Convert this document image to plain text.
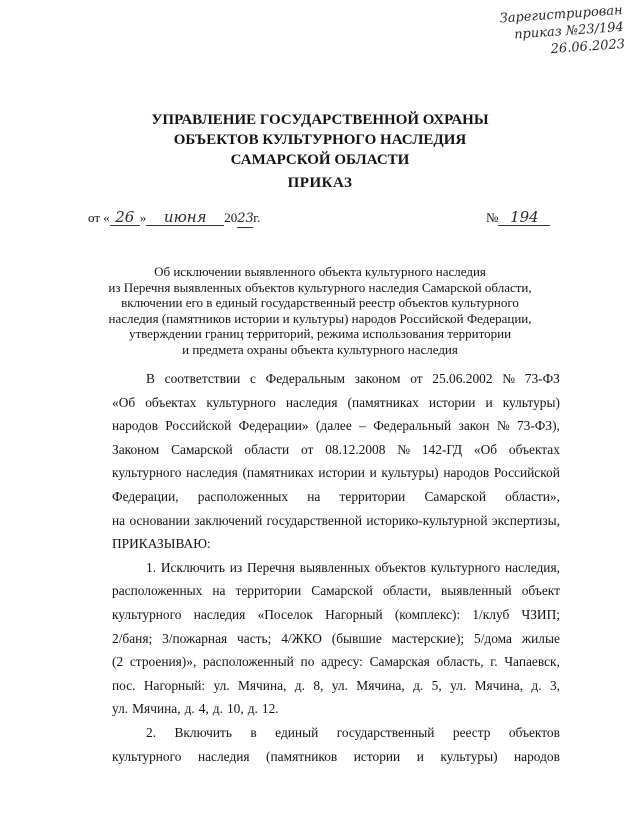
Зарегистрирован
приказ №23/194
26.06.2023
УПРАВЛЕНИЕ ГОСУДАРСТВЕННОЙ ОХРАНЫ
ОБЪЕКТОВ КУЛЬТУРНОГО НАСЛЕДИЯ
САМАРСКОЙ ОБЛАСТИ
ПРИКАЗ
от « 26 » июня 2023г.	№ 194
Об исключении выявленного объекта культурного наследия
из Перечня выявленных объектов культурного наследия Самарской области,
включении его в единый государственный реестр объектов культурного
наследия (памятников истории и культуры) народов Российской Федерации,
утверждении границ территорий, режима использования территории
и предмета охраны объекта культурного наследия
В соответствии с Федеральным законом от 25.06.2002 № 73-ФЗ
«Об объектах культурного наследия (памятниках истории и культуры)
народов Российской Федерации» (далее – Федеральный закон № 73-ФЗ),
Законом Самарской области от 08.12.2008 № 142-ГД «Об объектах
культурного наследия (памятниках истории и культуры) народов Российской
Федерации, расположенных на территории Самарской области»,
на основании заключений государственной историко-культурной экспертизы,
ПРИКАЗЫВАЮ:
1. Исключить из Перечня выявленных объектов культурного наследия,
расположенных на территории Самарской области, выявленный объект
культурного наследия «Поселок Нагорный (комплекс): 1/клуб ЧЗИП;
2/баня; 3/пожарная часть; 4/ЖКО (бывшие мастерские); 5/дома жилые
(2 строения)», расположенный по адресу: Самарская область, г. Чапаевск,
пос. Нагорный: ул. Мячина, д. 8, ул. Мячина, д. 5, ул. Мячина, д. 3,
ул. Мячина, д. 4, д. 10, д. 12.
2. Включить в единый государственный реестр объектов
культурного наследия (памятников истории и культуры) народов
